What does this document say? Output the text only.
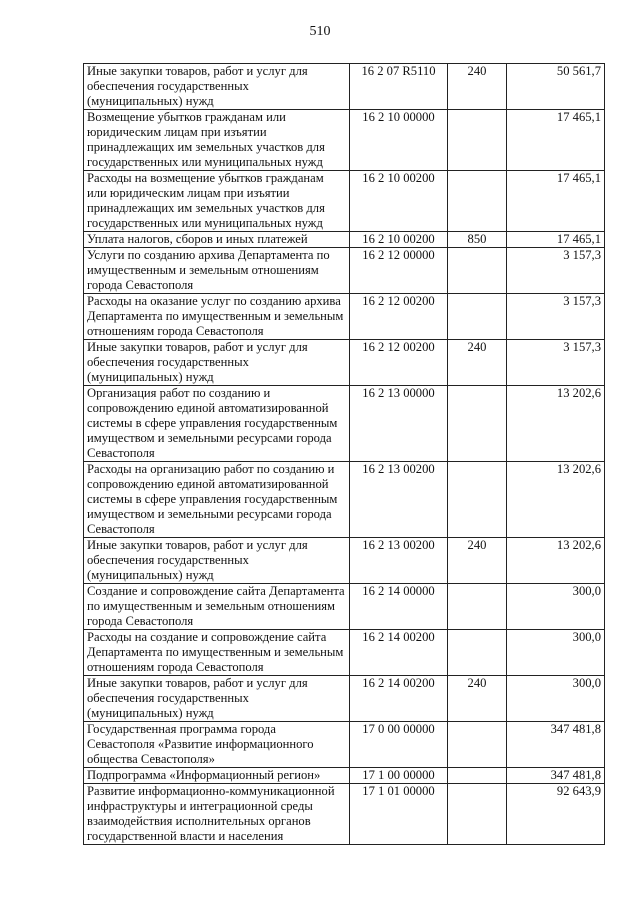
510
Иные закупки товаров, работ и услуг для обеспечения государственных (муниципальных) нужд	16 2 07 R5110	240	50 561,7
Возмещение убытков гражданам или юридическим лицам при изъятии принадлежащих им земельных участков для государственных или муниципальных нужд	16 2 10 00000		17 465,1
Расходы на возмещение убытков гражданам или юридическим лицам при изъятии принадлежащих им земельных участков для государственных или муниципальных нужд	16 2 10 00200		17 465,1
Уплата налогов, сборов и иных платежей	16 2 10 00200	850	17 465,1
Услуги по созданию архива Департамента по имущественным и земельным отношениям города Севастополя	16 2 12 00000		3 157,3
Расходы на оказание услуг по созданию архива Департамента по имущественным и земельным отношениям города Севастополя	16 2 12 00200		3 157,3
Иные закупки товаров, работ и услуг для обеспечения государственных (муниципальных) нужд	16 2 12 00200	240	3 157,3
Организация работ по созданию и сопровождению единой автоматизированной системы в сфере управления государственным имуществом и земельными ресурсами города Севастополя	16 2 13 00000		13 202,6
Расходы на организацию работ по созданию и сопровождению единой автоматизированной системы в сфере управления государственным имуществом и земельными ресурсами города Севастополя	16 2 13 00200		13 202,6
Иные закупки товаров, работ и услуг для обеспечения государственных (муниципальных) нужд	16 2 13 00200	240	13 202,6
Создание и сопровождение сайта Департамента по имущественным и земельным отношениям города Севастополя	16 2 14 00000		300,0
Расходы на создание и сопровождение сайта Департамента по имущественным и земельным отношениям города Севастополя	16 2 14 00200		300,0
Иные закупки товаров, работ и услуг для обеспечения государственных (муниципальных) нужд	16 2 14 00200	240	300,0
Государственная программа города Севастополя «Развитие информационного общества Севастополя»	17 0 00 00000		347 481,8
Подпрограмма «Информационный регион»	17 1 00 00000		347 481,8
Развитие информационно-коммуникационной инфраструктуры и интеграционной среды взаимодействия исполнительных органов государственной власти и населения	17 1 01 00000		92 643,9
